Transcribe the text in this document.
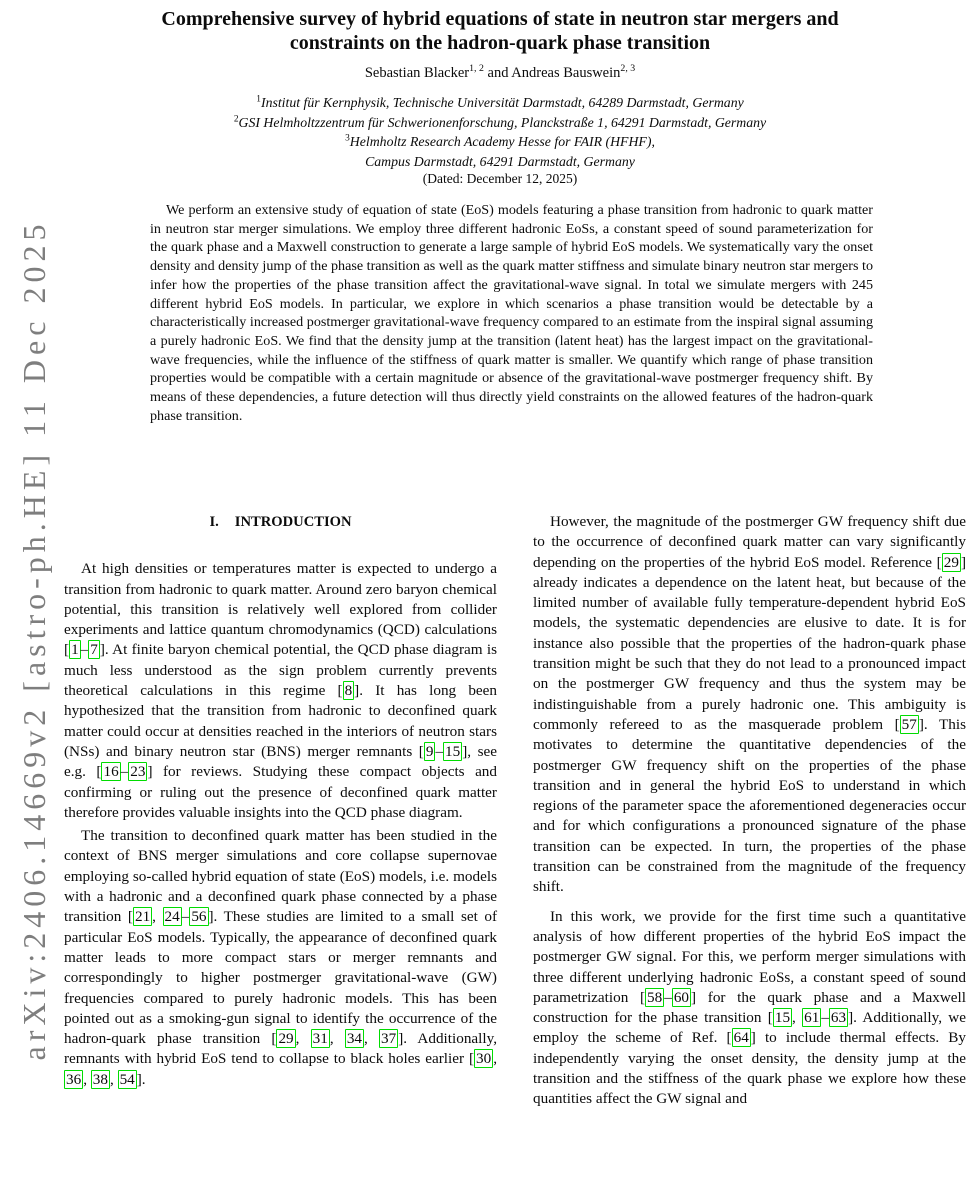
arXiv:2406.14669v2 [astro-ph.HE] 11 Dec 2025
Comprehensive survey of hybrid equations of state in neutron star mergers and
constraints on the hadron-quark phase transition
Sebastian Blacker$^{1, 2}$ and Andreas Bauswein$^{2, 3}$
$^1$Institut für Kernphysik, Technische Universität Darmstadt, 64289 Darmstadt, Germany
$^2$GSI Helmholtzzentrum für Schwerionenforschung, Planckstraße 1, 64291 Darmstadt, Germany
$^3$Helmholtz Research Academy Hesse for FAIR (HFHF),
Campus Darmstadt, 64291 Darmstadt, Germany
(Dated: December 12, 2025)
We perform an extensive study of equation of state (EoS) models featuring a phase transition from hadronic to quark matter in neutron star merger simulations. We employ three different hadronic EoSs, a constant speed of sound parameterization for the quark phase and a Maxwell construction to generate a large sample of hybrid EoS models. We systematically vary the onset density and density jump of the phase transition as well as the quark matter stiffness and simulate binary neutron star mergers to infer how the properties of the phase transition affect the gravitational-wave signal. In total we simulate mergers with 245 different hybrid EoS models. In particular, we explore in which scenarios a phase transition would be detectable by a characteristically increased postmerger gravitational-wave frequency compared to an estimate from the inspiral signal assuming a purely hadronic EoS. We find that the density jump at the transition (latent heat) has the largest impact on the gravitational-wave frequencies, while the influence of the stiffness of quark matter is smaller. We quantify which range of phase transition properties would be compatible with a certain magnitude or absence of the gravitational-wave postmerger frequency shift. By means of these dependencies, a future detection will thus directly yield constraints on the allowed features of the hadron-quark phase transition.
I. INTRODUCTION

At high densities or temperatures matter is expected to undergo a transition from hadronic to quark matter. Around zero baryon chemical potential, this transition is relatively well explored from collider experiments and lattice quantum chromodynamics (QCD) calculations [ 1 – 7 ]. At finite baryon chemical potential, the QCD phase diagram is much less understood as the sign problem currently prevents theoretical calculations in this regime [ 8 ]. It has long been hypothesized that the transition from hadronic to deconfined quark matter could occur at densities reached in the interiors of neutron stars (NSs) and binary neutron star (BNS) merger remnants [ 9 – 15 ], see e.g. [ 16 – 23 ] for reviews. Studying these compact objects and confirming or ruling out the presence of deconfined quark matter therefore provides valuable insights into the QCD phase diagram.

The transition to deconfined quark matter has been studied in the context of BNS merger simulations and core collapse supernovae employing so-called hybrid equation of state (EoS) models, i.e. models with a hadronic and a deconfined quark phase connected by a phase transition [ 21 , 24 – 56 ]. These studies are limited to a small set of particular EoS models. Typically, the appearance of deconfined quark matter leads to more compact stars or merger remnants and correspondingly to higher postmerger gravitational-wave (GW) frequencies compared to purely hadronic models. This has been pointed out as a smoking-gun signal to identify the occurrence of the hadron-quark phase transition [ 29 , 31 , 34 , 37 ]. Additionally, remnants with hybrid EoS tend to collapse to black holes earlier [ 30 , 36 , 38 , 54 ].

However, the magnitude of the postmerger GW frequency shift due to the occurrence of deconfined quark matter can vary significantly depending on the properties of the hybrid EoS model. Reference [ 29 ] already indicates a dependence on the latent heat, but because of the limited number of available fully temperature-dependent hybrid EoS models, the systematic dependencies are elusive to date. It is for instance also possible that the properties of the hadron-quark phase transition might be such that they do not lead to a pronounced impact on the postmerger GW frequency and thus the system may be indistinguishable from a purely hadronic one. This ambiguity is commonly refereed to as the masquerade problem [ 57 ]. This motivates to determine the quantitative dependencies of the postmerger GW frequency shift on the properties of the phase transition and in general the hybrid EoS to understand in which regions of the parameter space the aforementioned degeneracies occur and for which configurations a pronounced signature of the phase transition can be expected. In turn, the properties of the phase transition can be constrained from the magnitude of the frequency shift.

In this work, we provide for the first time such a quantitative analysis of how different properties of the hybrid EoS impact the postmerger GW signal. For this, we perform merger simulations with three different underlying hadronic EoSs, a constant speed of sound parametrization [ 58 – 60 ] for the quark phase and a Maxwell construction for the phase transition [ 15 , 61 – 63 ]. Additionally, we employ the scheme of Ref. [ 64 ] to include thermal effects. By independently varying the onset density, the density jump at the transition and the stiffness of the quark phase we explore how these quantities affect the GW signal and
